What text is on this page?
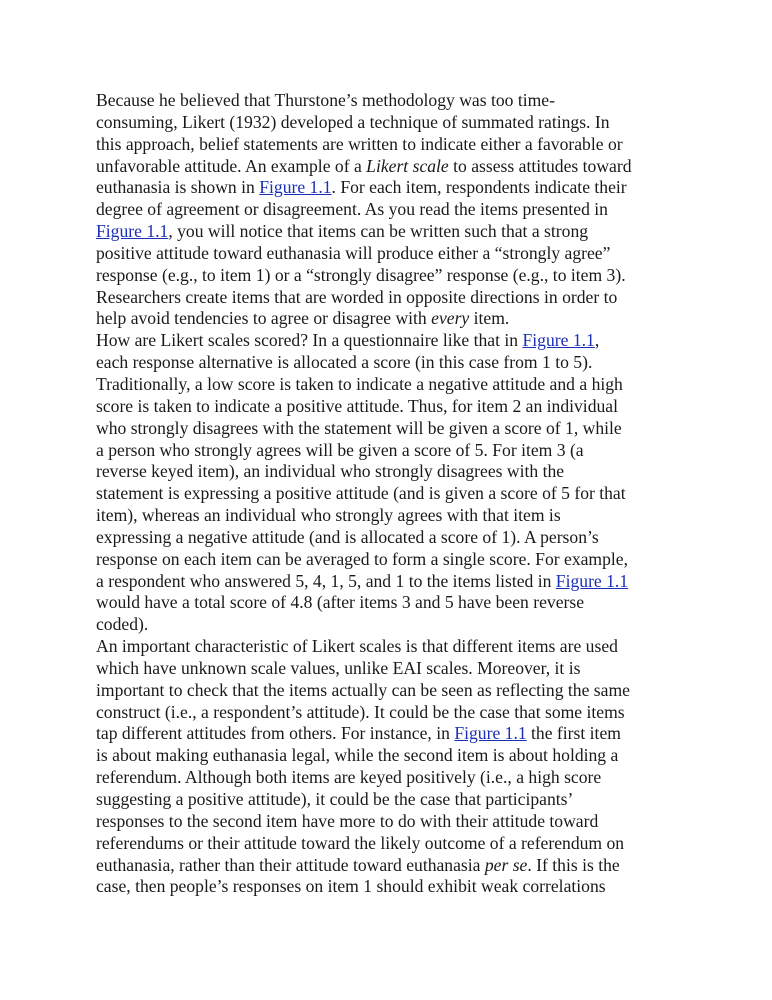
Because he believed that Thurstone’s methodology was too time-
consuming, Likert (1932) developed a technique of summated ratings. In
this approach, belief statements are written to indicate either a favorable or
unfavorable attitude. An example of a Likert scale to assess attitudes toward
euthanasia is shown in Figure 1.1. For each item, respondents indicate their
degree of agreement or disagreement. As you read the items presented in
Figure 1.1, you will notice that items can be written such that a strong
positive attitude toward euthanasia will produce either a “strongly agree”
response (e.g., to item 1) or a “strongly disagree” response (e.g., to item 3).
Researchers create items that are worded in opposite directions in order to
help avoid tendencies to agree or disagree with every item.
How are Likert scales scored? In a questionnaire like that in Figure 1.1,
each response alternative is allocated a score (in this case from 1 to 5).
Traditionally, a low score is taken to indicate a negative attitude and a high
score is taken to indicate a positive attitude. Thus, for item 2 an individual
who strongly disagrees with the statement will be given a score of 1, while
a person who strongly agrees will be given a score of 5. For item 3 (a
reverse keyed item), an individual who strongly disagrees with the
statement is expressing a positive attitude (and is given a score of 5 for that
item), whereas an individual who strongly agrees with that item is
expressing a negative attitude (and is allocated a score of 1). A person’s
response on each item can be averaged to form a single score. For example,
a respondent who answered 5, 4, 1, 5, and 1 to the items listed in Figure 1.1
would have a total score of 4.8 (after items 3 and 5 have been reverse
coded).
An important characteristic of Likert scales is that different items are used
which have unknown scale values, unlike EAI scales. Moreover, it is
important to check that the items actually can be seen as reflecting the same
construct (i.e., a respondent’s attitude). It could be the case that some items
tap different attitudes from others. For instance, in Figure 1.1 the first item
is about making euthanasia legal, while the second item is about holding a
referendum. Although both items are keyed positively (i.e., a high score
suggesting a positive attitude), it could be the case that participants’
responses to the second item have more to do with their attitude toward
referendums or their attitude toward the likely outcome of a referendum on
euthanasia, rather than their attitude toward euthanasia per se. If this is the
case, then people’s responses on item 1 should exhibit weak correlations
